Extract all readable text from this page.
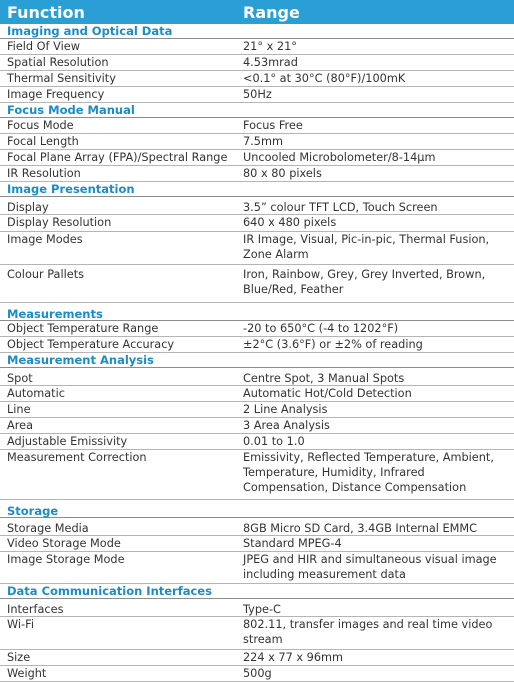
Function	Range
Imaging and Optical Data
Field Of View	21° x 21°
Spatial Resolution	4.53mrad
Thermal Sensitivity	<0.1° at 30°C (80°F)/100mK
Image Frequency	50Hz
Focus Mode Manual
Focus Mode	Focus Free
Focal Length	7.5mm
Focal Plane Array (FPA)/Spectral Range	Uncooled Microbolometer/8-14µm
IR Resolution	80 x 80 pixels
Image Presentation
Display	3.5” colour TFT LCD, Touch Screen
Display Resolution	640 x 480 pixels
Image Modes	IR Image, Visual, Pic-in-pic, Thermal Fusion, Zone Alarm
Colour Pallets	Iron, Rainbow, Grey, Grey Inverted, Brown, Blue/Red, Feather
Measurements
Object Temperature Range	-20 to 650°C (-4 to 1202°F)
Object Temperature Accuracy	±2°C (3.6°F) or ±2% of reading
Measurement Analysis
Spot	Centre Spot, 3 Manual Spots
Automatic	Automatic Hot/Cold Detection
Line	2 Line Analysis
Area	3 Area Analysis
Adjustable Emissivity	0.01 to 1.0
Measurement Correction	Emissivity, Reflected Temperature, Ambient, Temperature, Humidity, Infrared Compensation, Distance Compensation
Storage
Storage Media	8GB Micro SD Card, 3.4GB Internal EMMC
Video Storage Mode	Standard MPEG-4
Image Storage Mode	JPEG and HIR and simultaneous visual image including measurement data
Data Communication Interfaces
Interfaces	Type-C
Wi-Fi	802.11, transfer images and real time video stream
Size	224 x 77 x 96mm
Weight	500g
